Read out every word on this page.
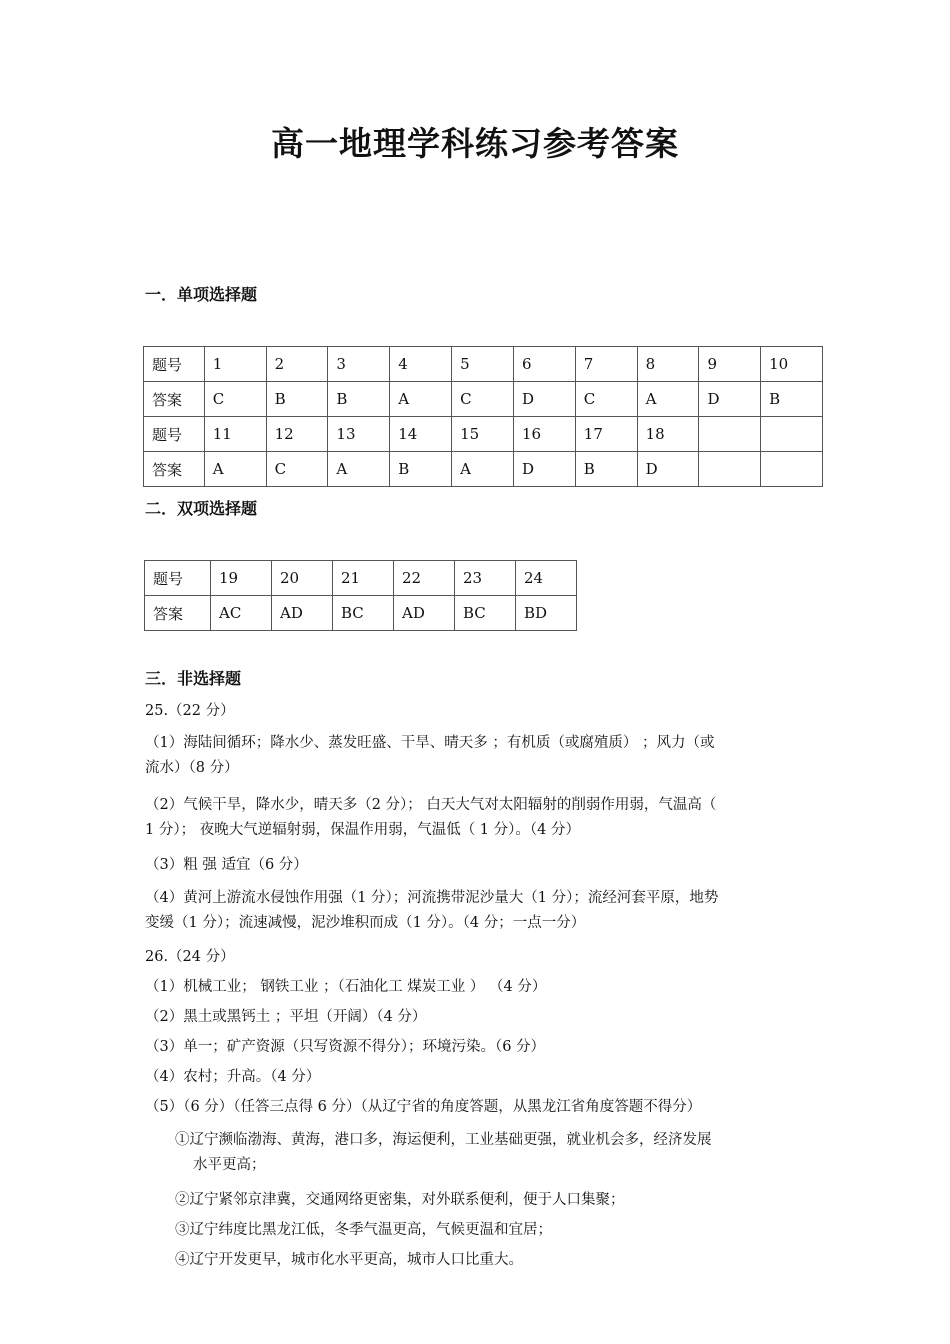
高一地理学科练习参考答案
一．单项选择题
题号	1	2	3	4	5	6	7	8	9	10
答案	C	B	B	A	C	D	C	A	D	B
题号	11	12	13	14	15	16	17	18		
答案	A	C	A	B	A	D	B	D		
二．双项选择题
题号	19	20	21	22	23	24
答案	AC	AD	BC	AD	BC	BD
三．非选择题
25.（22 分）
（1）海陆间循环；降水少、蒸发旺盛、干旱、晴天多 ；有机质（或腐殖质） ；风力（或
流水）（8 分）
（2）气候干旱，降水少，晴天多（2 分）； 白天大气对太阳辐射的削弱作用弱，气温高（
1 分）； 夜晚大气逆辐射弱，保温作用弱，气温低（ 1 分）。（4 分）
（3）粗 强 适宜（6 分）
（4）黄河上游流水侵蚀作用强（1 分）；河流携带泥沙量大（1 分）；流经河套平原，地势
变缓（1 分）；流速减慢，泥沙堆积而成（1 分）。（4 分；一点一分）
26.（24 分）
（1）机械工业； 钢铁工业 ；（石油化工 煤炭工业 ） （4 分）
（2）黑土或黑钙土 ；平坦（开阔）（4 分）
（3）单一；矿产资源（只写资源不得分）；环境污染。（6 分）
（4）农村；升高。（4 分）
（5）（6 分）（任答三点得 6 分）（从辽宁省的角度答题，从黑龙江省角度答题不得分）
①辽宁濒临渤海、黄海，港口多，海运便利，工业基础更强，就业机会多，经济发展
水平更高；
②辽宁紧邻京津冀，交通网络更密集，对外联系便利，便于人口集聚；
③辽宁纬度比黑龙江低，冬季气温更高，气候更温和宜居；
④辽宁开发更早，城市化水平更高，城市人口比重大。
